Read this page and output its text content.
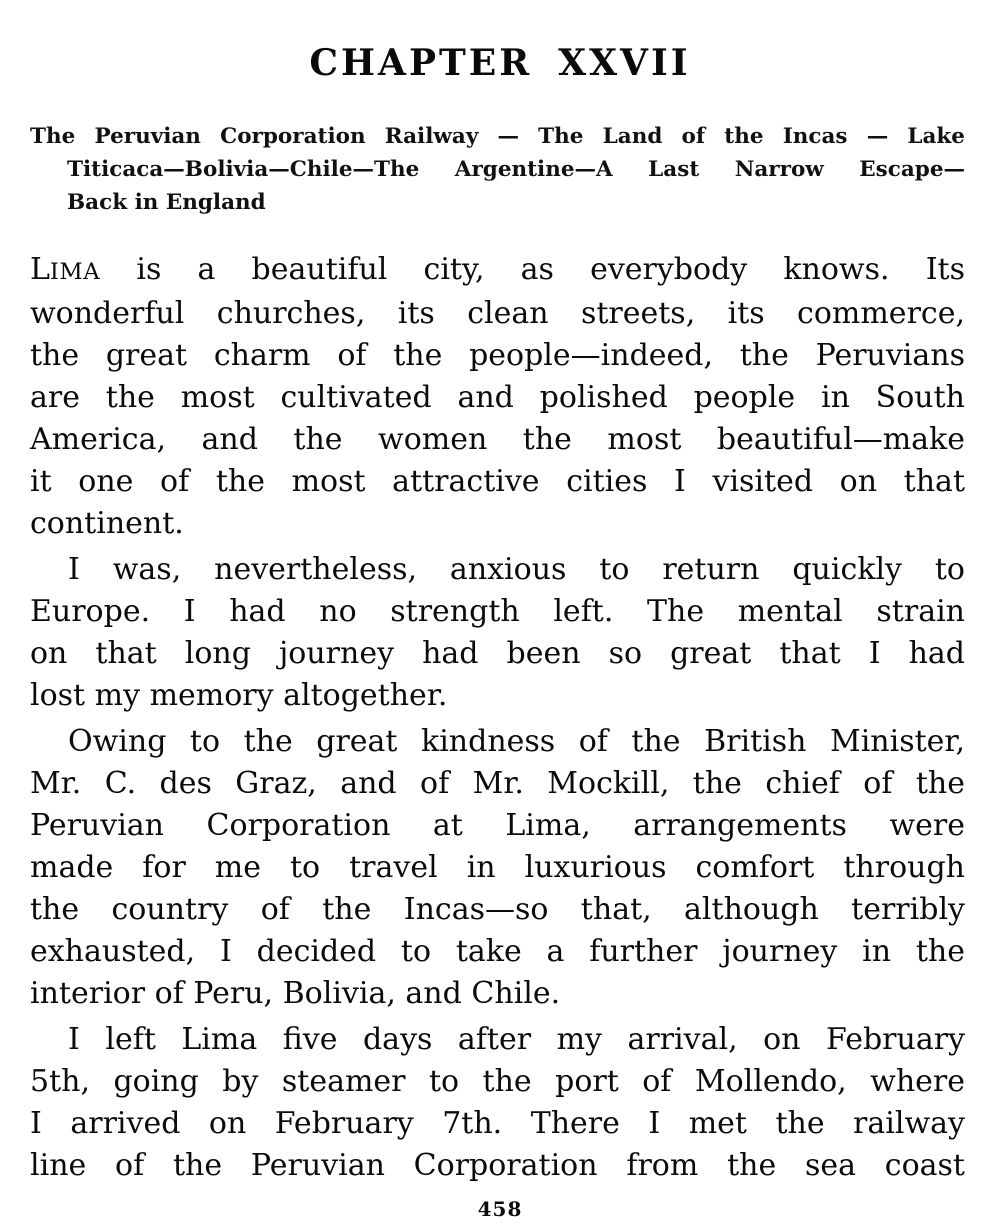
CHAPTER XXVII
The Peruvian Corporation Railway — The Land of the Incas — Lake
Titicaca—Bolivia—Chile—The Argentine—A Last Narrow Escape—
Back in England
LIMA is a beautiful city, as everybody knows. Its
wonderful churches, its clean streets, its commerce,
the great charm of the people—indeed, the Peruvians
are the most cultivated and polished people in South
America, and the women the most beautiful—make
it one of the most attractive cities I visited on that
continent.
I was, nevertheless, anxious to return quickly to
Europe. I had no strength left. The mental strain
on that long journey had been so great that I had
lost my memory altogether.
Owing to the great kindness of the British Minister,
Mr. C. des Graz, and of Mr. Mockill, the chief of the
Peruvian Corporation at Lima, arrangements were
made for me to travel in luxurious comfort through
the country of the Incas—so that, although terribly
exhausted, I decided to take a further journey in the
interior of Peru, Bolivia, and Chile.
I left Lima five days after my arrival, on February
5th, going by steamer to the port of Mollendo, where
I arrived on February 7th. There I met the railway
line of the Peruvian Corporation from the sea coast
458
